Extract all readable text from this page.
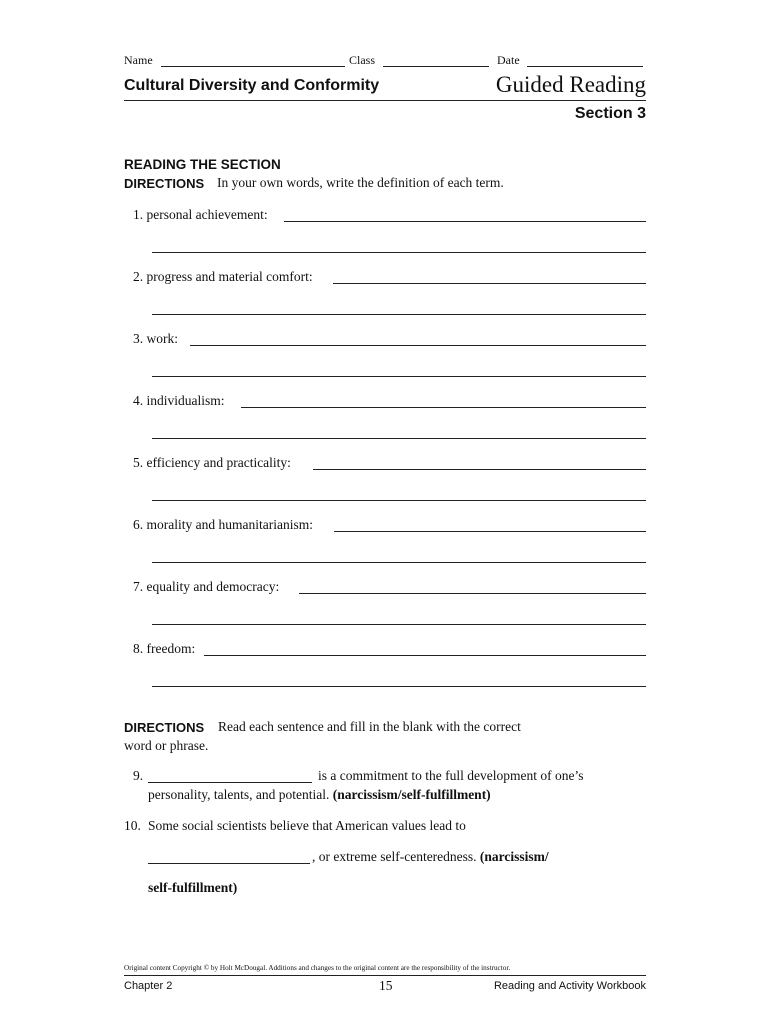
Name	Class	Date
Cultural Diversity and Conformity	Guided Reading
Section 3
READING THE SECTION
DIRECTIONS In your own words, write the definition of each term.
1. personal achievement:
2. progress and material comfort:
3. work:
4. individualism:
5. efficiency and practicality:
6. morality and humanitarianism:
7. equality and democracy:
8. freedom:
DIRECTIONS Read each sentence and fill in the blank with the correct
word or phrase.
9.	is a commitment to the full development of one’s
personality, talents, and potential. (narcissism/self-fulfillment)
10. Some social scientists believe that American values lead to
, or extreme self-centeredness. (narcissism/
self-fulfillment)
Original content Copyright © by Holt McDougal. Additions and changes to the original content are the responsibility of the instructor.
Chapter 2	15	Reading and Activity Workbook
